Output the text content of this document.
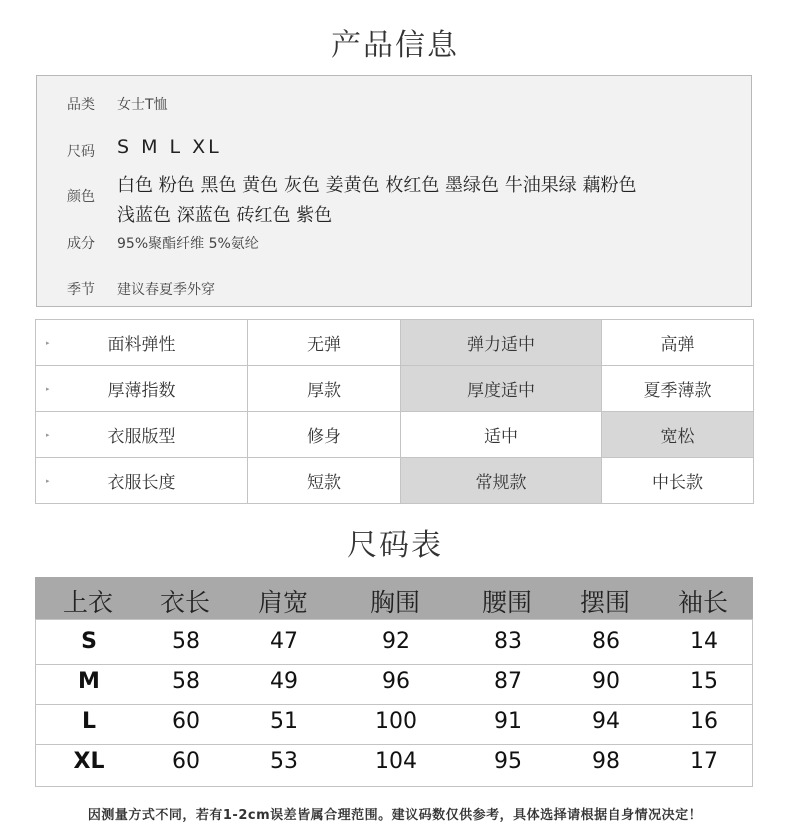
产品信息
品类 女士T恤
尺码 S M L XL
颜色
白色 粉色 黑色 黄色 灰色 姜黄色 枚红色 墨绿色 牛油果绿 藕粉色
浅蓝色 深蓝色 砖红色 紫色
成分 95%聚酯纤维 5%氨纶
季节 建议春夏季外穿
▸ 面料弹性	无弹	弹力适中	高弹

▸ 厚薄指数	厚款	厚度适中	夏季薄款

▸ 衣服版型	修身	适中	宽松

▸ 衣服长度	短款	常规款	中长款
尺码表
上衣	衣长	肩宽	胸围	腰围	摆围	袖长
S	58	47	92	83	86	14
M	58	49	96	87	90	15
L	60	51	100	91	94	16
XL	60	53	104	95	98	17
因测量方式不同，若有1-2cm误差皆属合理范围。建议码数仅供参考，具体选择请根据自身情况决定！
